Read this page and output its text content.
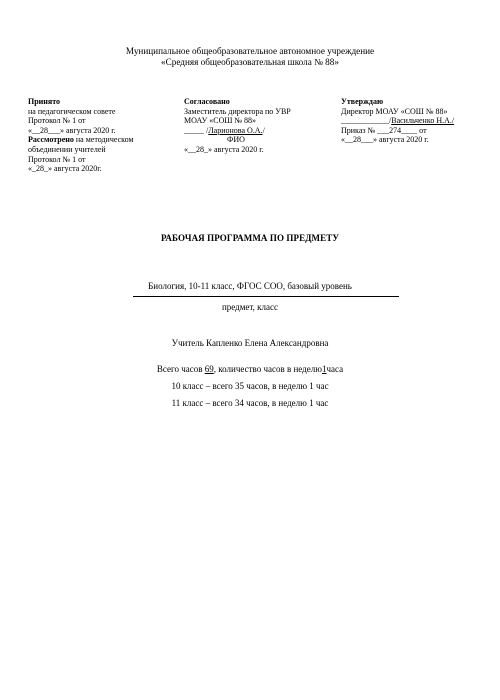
Муниципальное общеобразовательное автономное учреждение
«Средняя общеобразовательная школа № 88»
Принято
на педагогическом совете
Протокол № 1 от
«__28___» августа 2020 г.
Рассмотрено на методическом
объединении учителей
Протокол № 1 от
«_28_» августа 2020г.
Согласовано
Заместитель директора по УВР
МОАУ «СОШ № 88»
_____ /Ларионова О.А./
ФИО
«__28_» августа 2020 г.
Утверждаю
Директор МОАУ «СОШ № 88»
____________/Васильченко Н.А./
Приказ № ___274____ от
«__28___» августа 2020 г.
РАБОЧАЯ ПРОГРАММА ПО ПРЕДМЕТУ
Биология, 10-11 класс, ФГОС СОО, базовый уровень
предмет, класс
Учитель Капленко Елена Александровна
Всего часов 69, количество часов в неделю1часа
10 класс – всего 35 часов, в неделю 1 час
11 класс – всего 34 часов, в неделю 1 час
